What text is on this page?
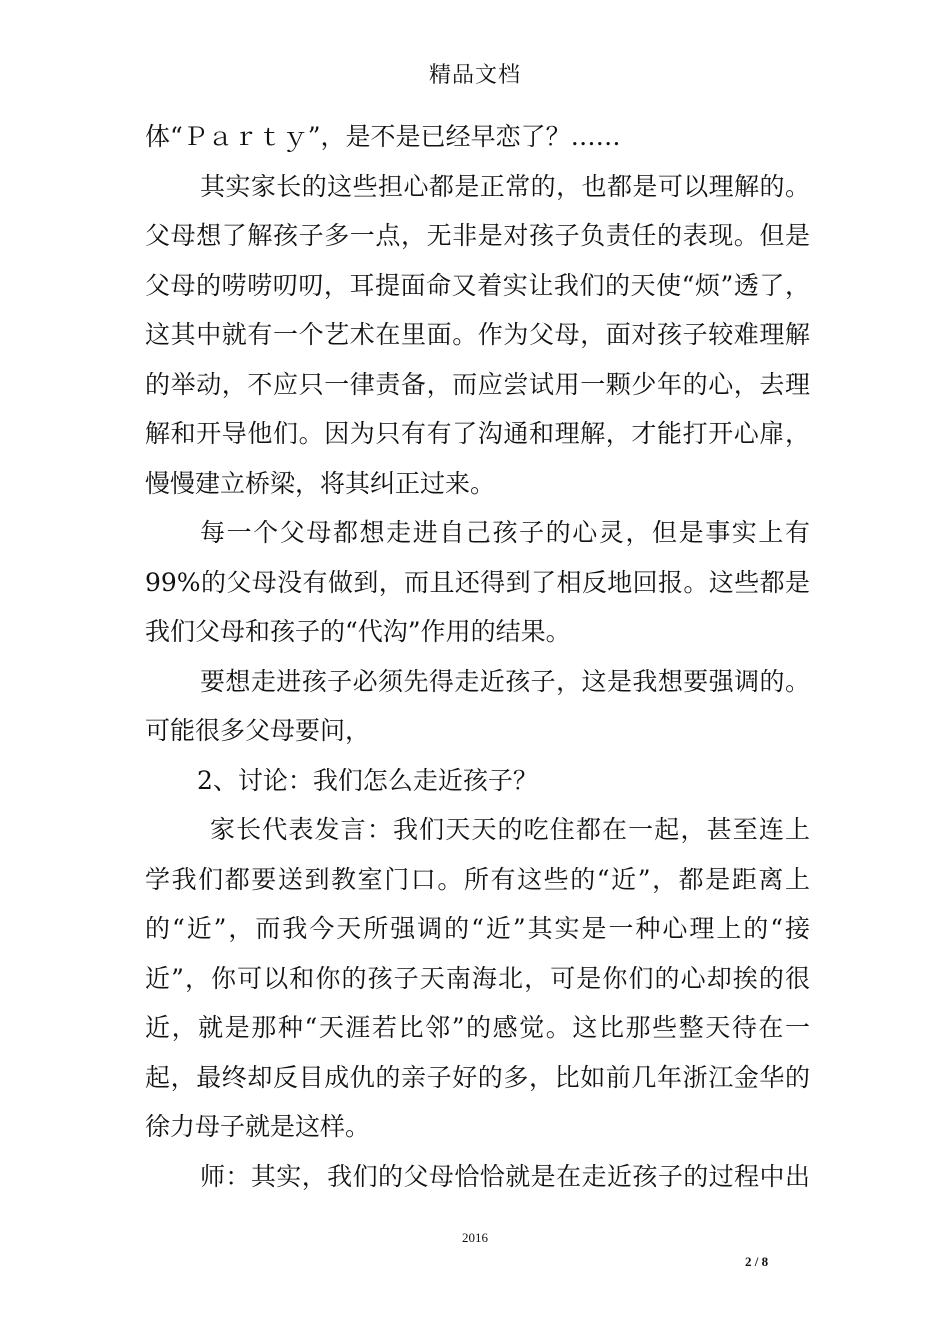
精品文档
体“Ｐａｒｔｙ”，是不是已经早恋了？……
其实家长的这些担心都是正常的，也都是可以理解的。
父母想了解孩子多一点，无非是对孩子负责任的表现。但是
父母的唠唠叨叨，耳提面命又着实让我们的天使“烦”透了，
这其中就有一个艺术在里面。作为父母，面对孩子较难理解
的举动，不应只一律责备，而应尝试用一颗少年的心，去理
解和开导他们。因为只有有了沟通和理解，才能打开心扉，
慢慢建立桥梁，将其纠正过来。
每一个父母都想走进自己孩子的心灵，但是事实上有
99%的父母没有做到，而且还得到了相反地回报。这些都是
我们父母和孩子的“代沟”作用的结果。
要想走进孩子必须先得走近孩子，这是我想要强调的。
可能很多父母要问，
2、讨论：我们怎么走近孩子？
家长代表发言：我们天天的吃住都在一起，甚至连上
学我们都要送到教室门口。所有这些的“近”，都是距离上
的“近”，而我今天所强调的“近”其实是一种心理上的“接
近”，你可以和你的孩子天南海北，可是你们的心却挨的很
近，就是那种“天涯若比邻”的感觉。这比那些整天待在一
起，最终却反目成仇的亲子好的多，比如前几年浙江金华的
徐力母子就是这样。
师：其实，我们的父母恰恰就是在走近孩子的过程中出
2016
2 / 8
